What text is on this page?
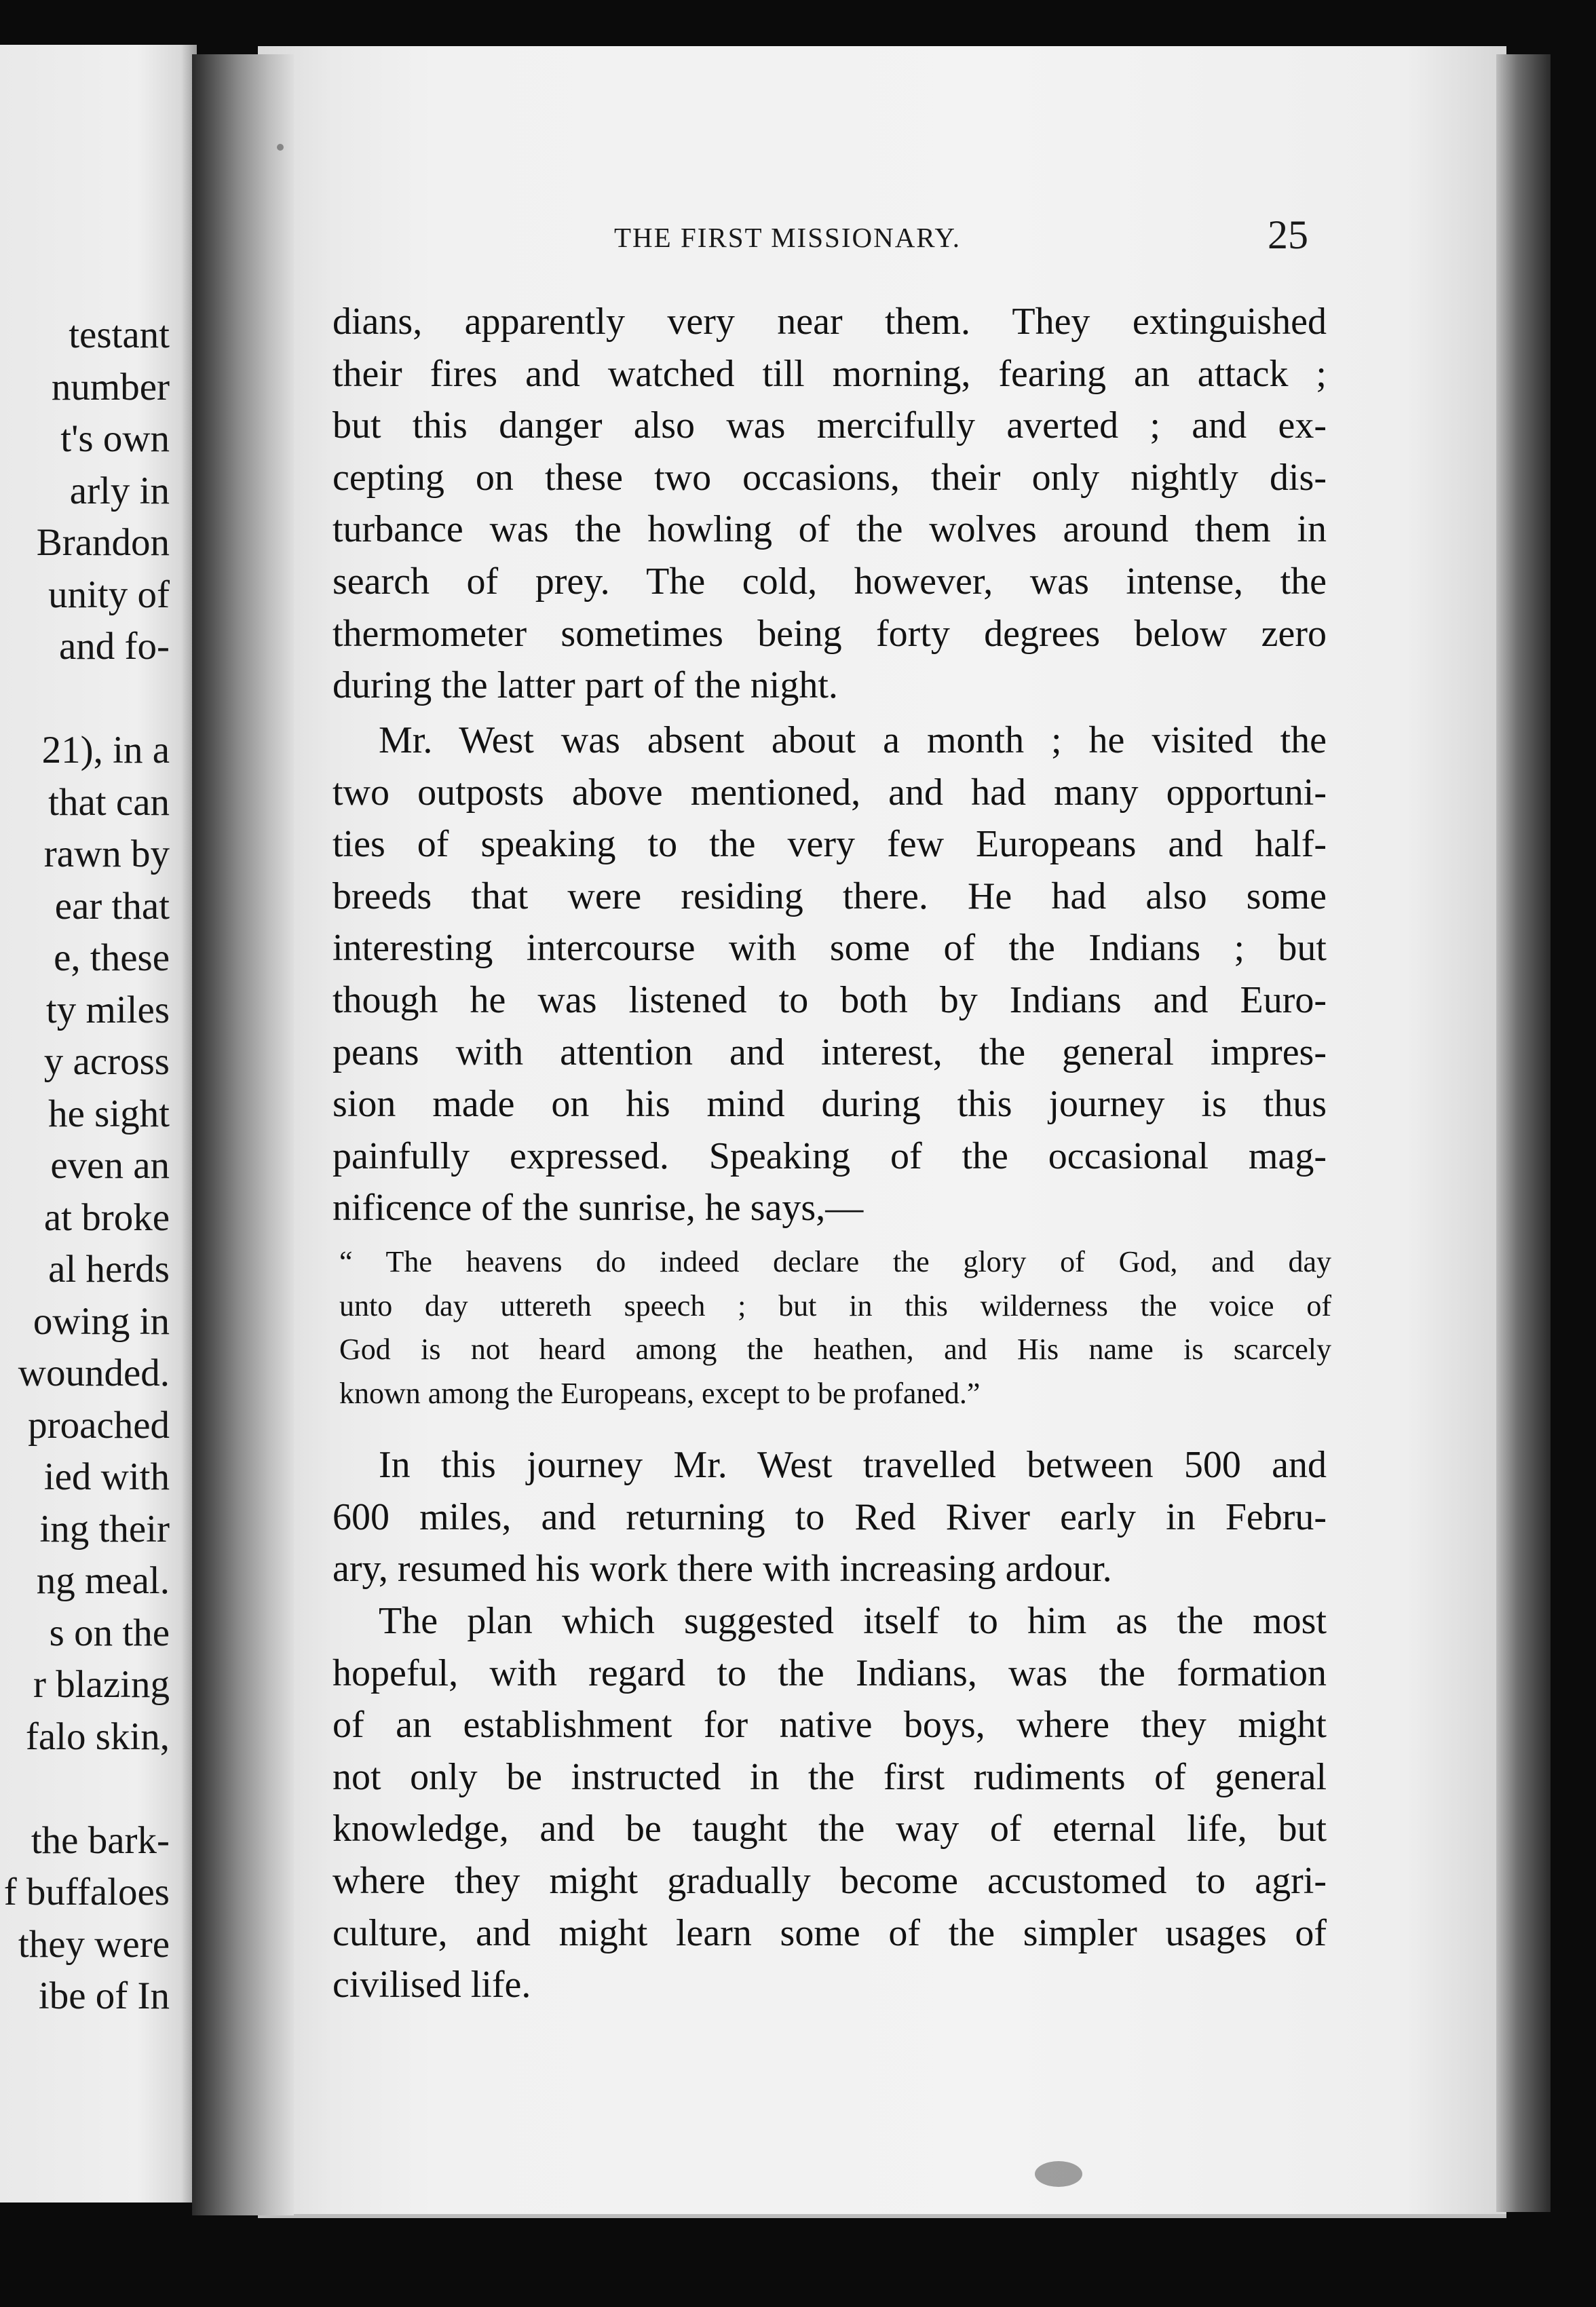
testant
number
t's own
arly in
Brandon
unity of
and fo-
21), in a
that can
rawn by
ear that
e, these
ty miles
y across
he sight
even an
at broke
al herds
owing in
wounded.
proached
ied with
ing their
ng meal.
s on the
r blazing
falo skin,
the bark-
f buffaloes
they were
ibe of In
THE FIRST MISSIONARY.	25
dians, apparently very near them. They extinguished
their fires and watched till morning, fearing an attack ;
but this danger also was mercifully averted ; and ex-
cepting on these two occasions, their only nightly dis-
turbance was the howling of the wolves around them in
search of prey. The cold, however, was intense, the
thermometer sometimes being forty degrees below zero
during the latter part of the night.
Mr. West was absent about a month ; he visited the
two outposts above mentioned, and had many opportuni-
ties of speaking to the very few Europeans and half-
breeds that were residing there. He had also some
interesting intercourse with some of the Indians ; but
though he was listened to both by Indians and Euro-
peans with attention and interest, the general impres-
sion made on his mind during this journey is thus
painfully expressed. Speaking of the occasional mag-
nificence of the sunrise, he says,—
“ The heavens do indeed declare the glory of God, and day
unto day uttereth speech ; but in this wilderness the voice of
God is not heard among the heathen, and His name is scarcely
known among the Europeans, except to be profaned.”
In this journey Mr. West travelled between 500 and
600 miles, and returning to Red River early in Febru-
ary, resumed his work there with increasing ardour.
The plan which suggested itself to him as the most
hopeful, with regard to the Indians, was the formation
of an establishment for native boys, where they might
not only be instructed in the first rudiments of general
knowledge, and be taught the way of eternal life, but
where they might gradually become accustomed to agri-
culture, and might learn some of the simpler usages of
civilised life.
